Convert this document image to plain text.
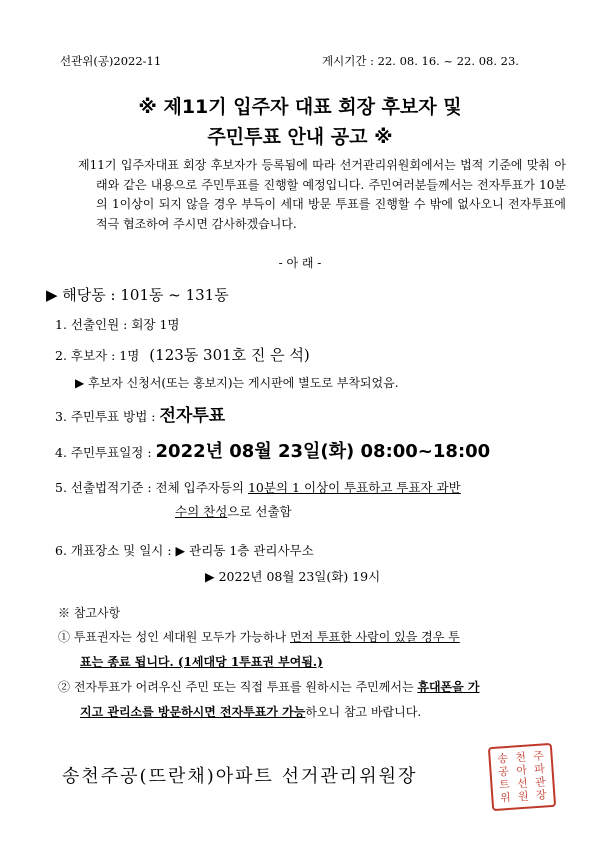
선관위(공)2022-11	게시기간 : 22. 08. 16. ~ 22. 08. 23.
※ 제11기 입주자 대표 회장 후보자 및
주민투표 안내 공고 ※
제11기 입주자대표 회장 후보자가 등록됨에 따라 선거관리위원회에서는 법적 기준에 맞춰 아래와 같은 내용으로 주민투표를 진행할 예정입니다. 주민여러분들께서는 전자투표가 10분의 1이상이 되지 않을 경우 부득이 세대 방문 투표를 진행할 수 밖에 없사오니 전자투표에 적극 협조하여 주시면 감사하겠습니다.
- 아 래 -
▶ 해당동 : 101동 ~ 131동
1. 선출인원 : 회장 1명
2. 후보자 : 1명 (123동 301호 진 은 석)
▶ 후보자 신청서(또는 홍보지)는 게시판에 별도로 부착되었음.
3. 주민투표 방법 : 전자투표
4. 주민투표일정 : 2022년 08월 23일(화) 08:00~18:00
5. 선출법적기준 : 전체 입주자등의 10분의 1 이상이 투표하고 투표자 과반
수의 찬성으로 선출함
6. 개표장소 및 일시 : ▶ 관리동 1층 관리사무소
▶ 2022년 08월 23일(화) 19시
※ 참고사항
① 투표권자는 성인 세대원 모두가 가능하나 먼저 투표한 사람이 있을 경우 투
표는 종료 됩니다. (1세대당 1투표권 부여됨.)
② 전자투표가 어려우신 주민 또는 직접 투표를 원하시는 주민께서는 휴대폰을 가
지고 관리소를 방문하시면 전자투표가 가능하오니 참고 바랍니다.
송천주공(뜨란채)아파트 선거관리위원장
송 천 주
공 아 파
트 선 관
위 원 장
